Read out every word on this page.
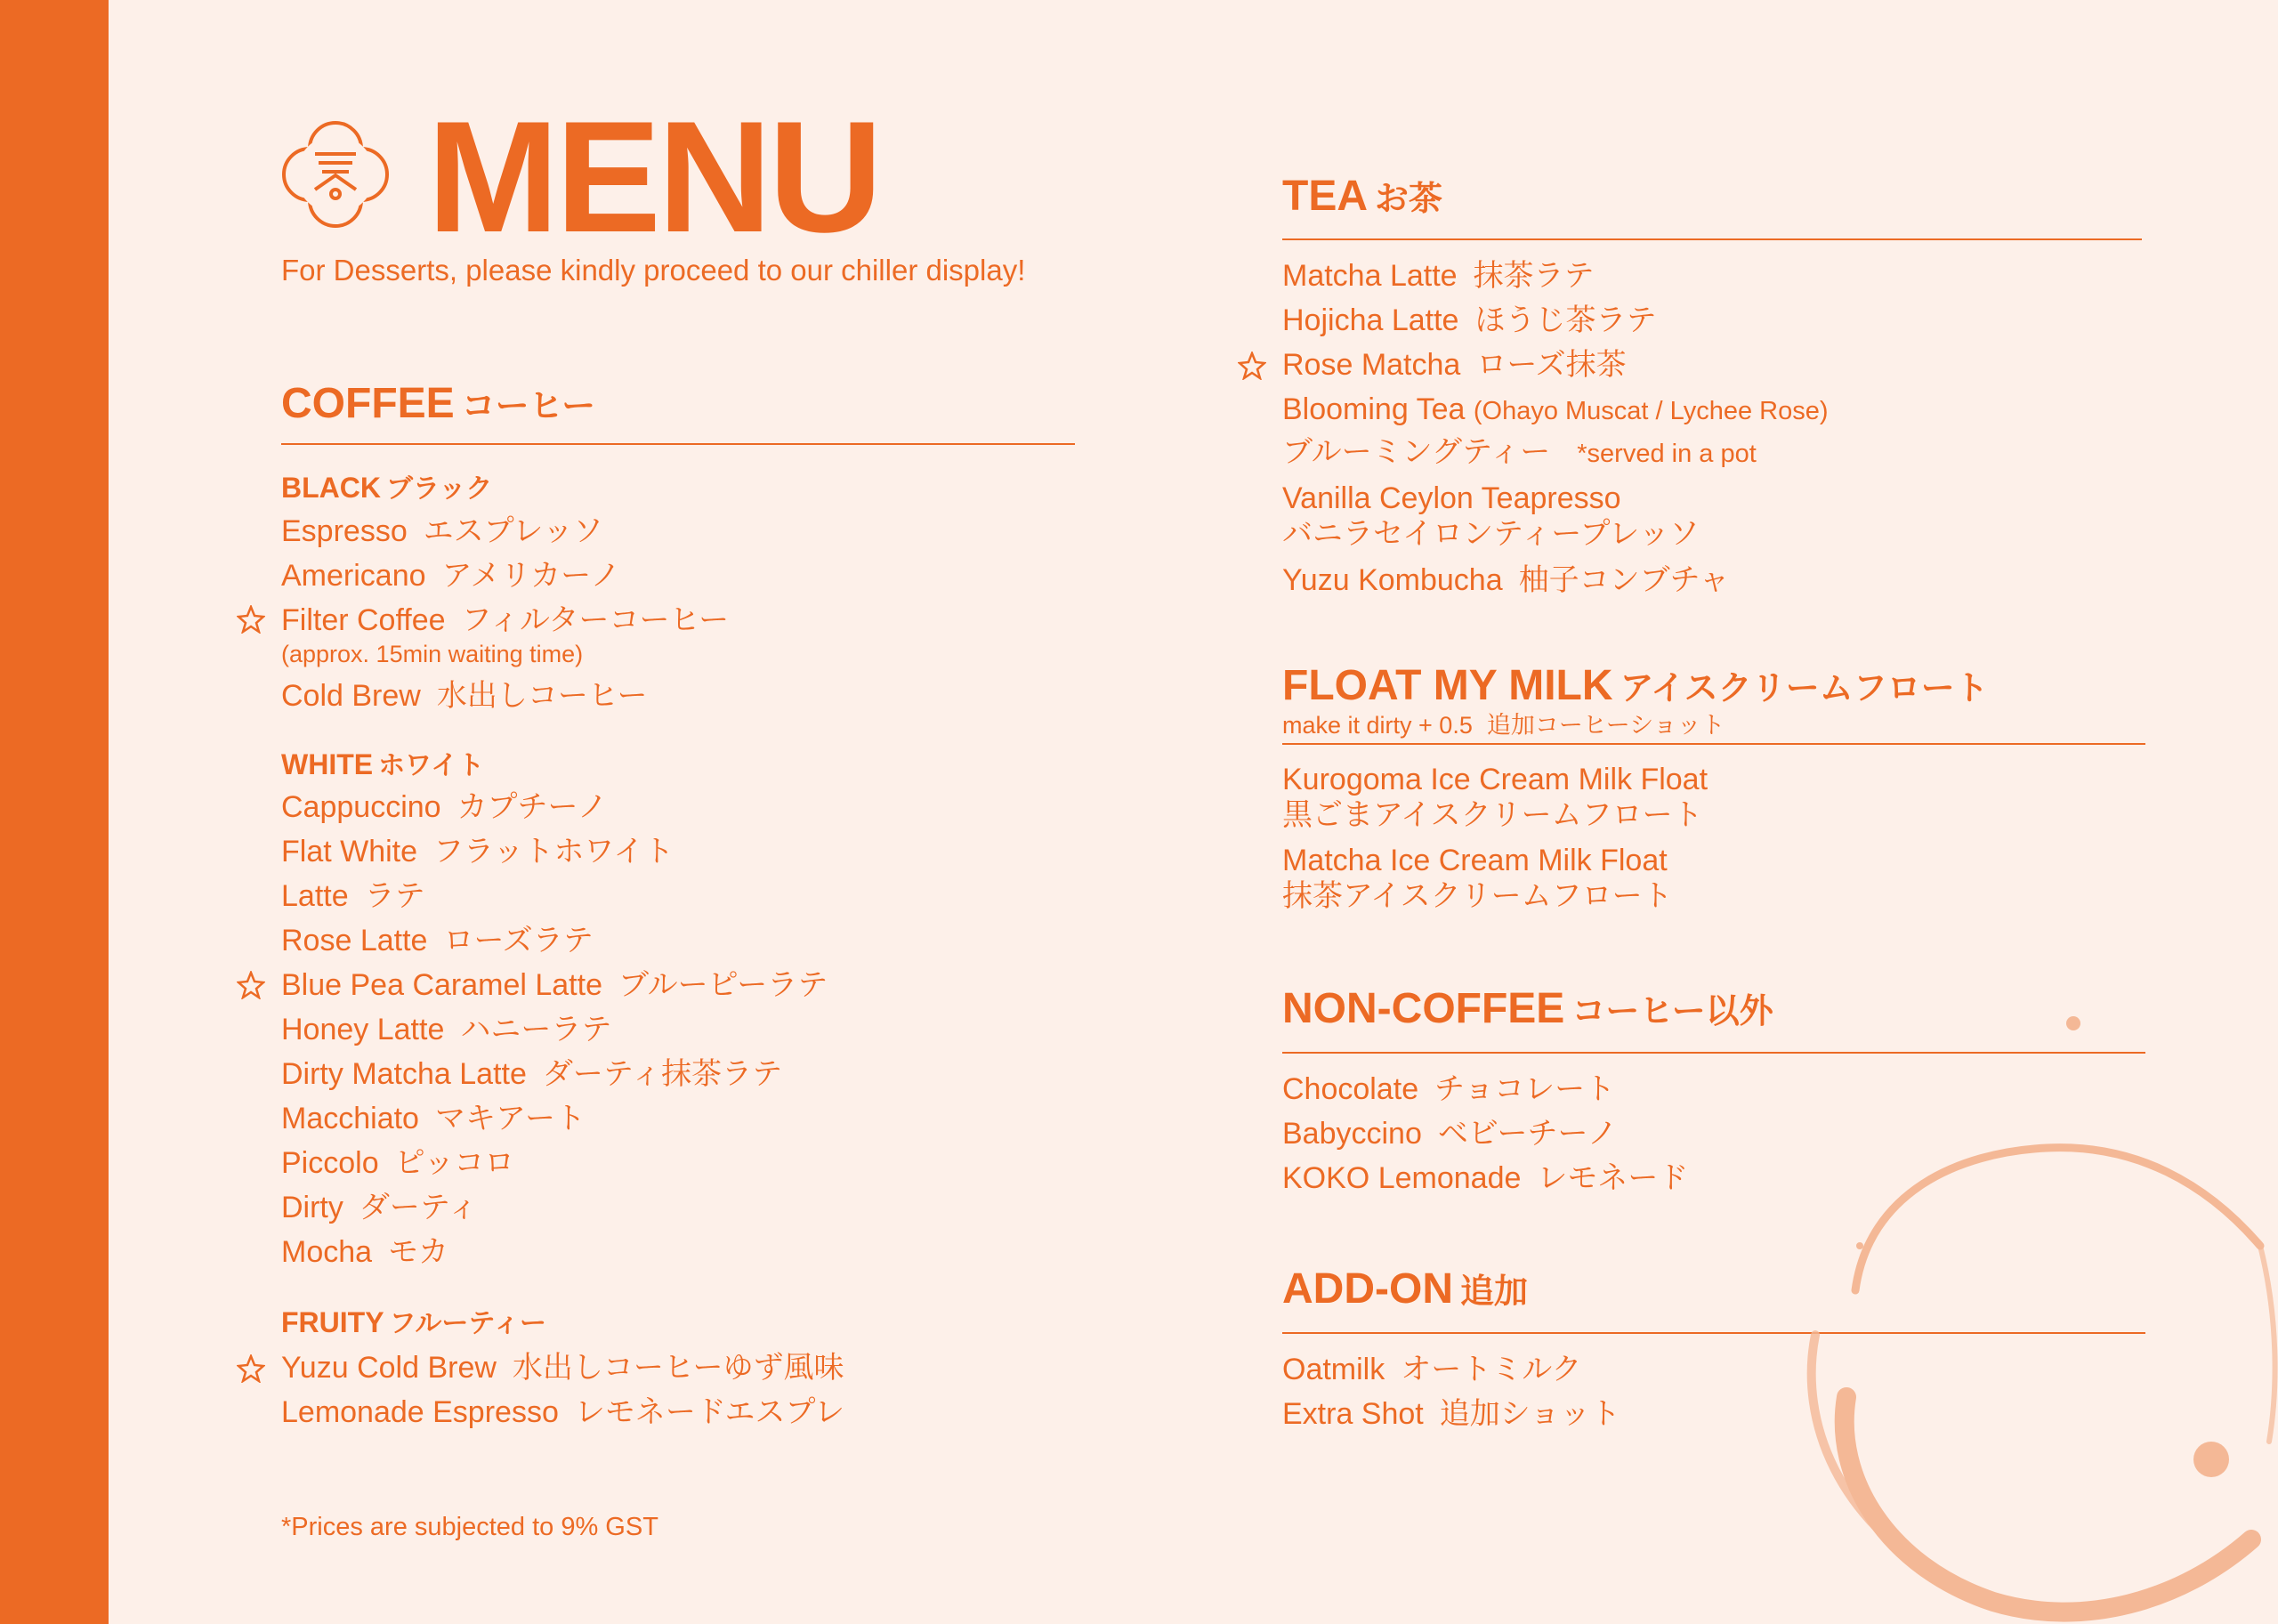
MENU
For Desserts, please kindly proceed to our chiller display!
COFFEE コーヒー
BLACK ブラック
Espresso エスプレッソ
Americano アメリカーノ
Filter Coffee フィルターコーヒー
(approx. 15min waiting time)
Cold Brew 水出しコーヒー
WHITE ホワイト
Cappuccino カプチーノ
Flat White フラットホワイト
Latte ラテ
Rose Latte ローズラテ
Blue Pea Caramel Latte ブルーピーラテ
Honey Latte ハニーラテ
Dirty Matcha Latte ダーティ抹茶ラテ
Macchiato マキアート
Piccolo ピッコロ
Dirty ダーティ
Mocha モカ
FRUITY フルーティー
Yuzu Cold Brew 水出しコーヒーゆず風味
Lemonade Espresso レモネードエスプレ
*Prices are subjected to 9% GST
TEA お茶
Matcha Latte 抹茶ラテ
Hojicha Latte ほうじ茶ラテ
Rose Matcha ローズ抹茶
Blooming Tea (Ohayo Muscat / Lychee Rose)
ブルーミングティー *served in a pot
Vanilla Ceylon Teapresso
バニラセイロンティープレッソ
Yuzu Kombucha 柚子コンブチャ
FLOAT MY MILK アイスクリームフロート
make it dirty + 0.5 追加コーヒーショット
Kurogoma Ice Cream Milk Float
黒ごまアイスクリームフロート
Matcha Ice Cream Milk Float
抹茶アイスクリームフロート
NON-COFFEE コーヒー以外
Chocolate チョコレート
Babyccino ベビーチーノ
KOKO Lemonade レモネード
ADD-ON 追加
Oatmilk オートミルク
Extra Shot 追加ショット
